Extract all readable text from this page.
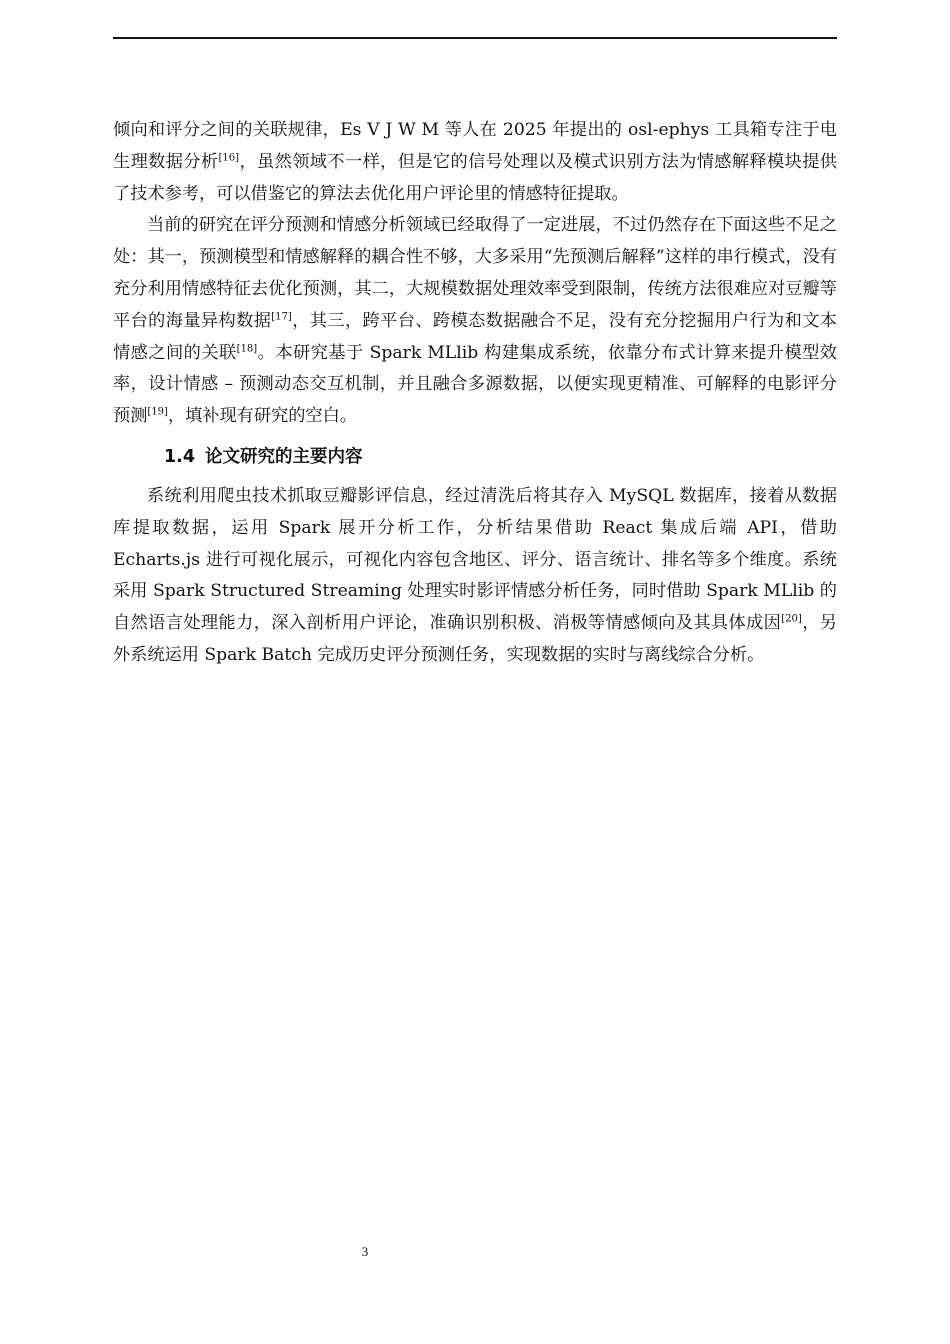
倾向和评分之间的关联规律，Es V J W M 等人在 2025 年提出的 osl-ephys 工具箱专注于电生理数据分析[16]，虽然领域不一样，但是它的信号处理以及模式识别方法为情感解释模块提供了技术参考，可以借鉴它的算法去优化用户评论里的情感特征提取。

当前的研究在评分预测和情感分析领域已经取得了一定进展，不过仍然存在下面这些不足之处：其一，预测模型和情感解释的耦合性不够，大多采用“先预测后解释”这样的串行模式，没有充分利用情感特征去优化预测，其二，大规模数据处理效率受到限制，传统方法很难应对豆瓣等平台的海量异构数据[17]，其三，跨平台、跨模态数据融合不足，没有充分挖掘用户行为和文本情感之间的关联[18]。本研究基于 Spark MLlib 构建集成系统，依靠分布式计算来提升模型效率，设计情感 – 预测动态交互机制，并且融合多源数据，以便实现更精准、可解释的电影评分预测[19]，填补现有研究的空白。

1.4 论文研究的主要内容

系统利用爬虫技术抓取豆瓣影评信息，经过清洗后将其存入 MySQL 数据库，接着从数据库提取数据，运用 Spark 展开分析工作，分析结果借助 React 集成后端 API，借助 Echarts.js 进行可视化展示，可视化内容包含地区、评分、语言统计、排名等多个维度。系统采用 Spark Structured Streaming 处理实时影评情感分析任务，同时借助 Spark MLlib 的自然语言处理能力，深入剖析用户评论，准确识别积极、消极等情感倾向及其具体成因[20]，另外系统运用 Spark Batch 完成历史评分预测任务，实现数据的实时与离线综合分析。

3
